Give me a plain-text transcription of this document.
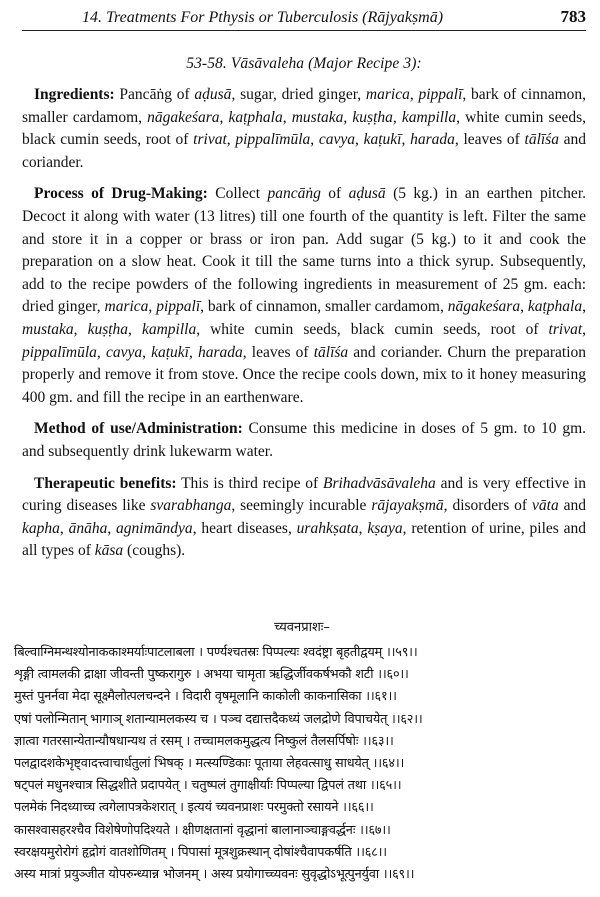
14. Treatments For Pthysis or Tuberculosis (Rājyakṣmā)	783
53-58. Vāsāvaleha (Major Recipe 3):

Ingredients: Pancāṅg of aḍusā, sugar, dried ginger, marica, pippalī, bark of cinnamon, smaller cardamom, nāgakeśara, kaṭphala, mustaka, kuṣṭha, kampilla, white cumin seeds, black cumin seeds, root of trivat, pippalīmūla, cavya, kaṭukī, harada, leaves of tālīśa and coriander.

Process of Drug-Making: Collect pancāṅg of aḍusā (5 kg.) in an earthen pitcher. Decoct it along with water (13 litres) till one fourth of the quantity is left. Filter the same and store it in a copper or brass or iron pan. Add sugar (5 kg.) to it and cook the preparation on a slow heat. Cook it till the same turns into a thick syrup. Subsequently, add to the recipe powders of the following ingredients in measurement of 25 gm. each: dried ginger, marica, pippalī, bark of cinnamon, smaller cardamom, nāgakeśara, kaṭphala, mustaka, kuṣṭha, kampilla, white cumin seeds, black cumin seeds, root of trivat, pippalīmūla, cavya, kaṭukī, harada, leaves of tālīśa and coriander. Churn the preparation properly and remove it from stove. Once the recipe cools down, mix to it honey measuring 400 gm. and fill the recipe in an earthenware.

Method of use/Administration: Consume this medicine in doses of 5 gm. to 10 gm. and subsequently drink lukewarm water.

Therapeutic benefits: This is third recipe of Brihadvāsāvaleha and is very effective in curing diseases like svarabhanga, seemingly incurable rājayakṣmā, disorders of vāta and kapha, ānāha, agnimāndya, heart diseases, urahkṣata, kṣaya, retention of urine, piles and all types of kāsa (coughs).

च्यवनप्राशः–
बिल्वाग्निमन्थश्योनाककाश्मर्याःपाटलाबला । पर्ण्यश्चतस्रः पिप्पल्यः श्वदंष्ट्रा बृहतीद्वयम् ।।५९।।
शृङ्गी त्वामलकी द्राक्षा जीवन्ती पुष्करागुरु । अभया चामृता ऋद्धिर्जीवकर्षभकौ शटी ।।६०।।
मुस्तं पुनर्नवा मेदा सूक्ष्मैलोत्पलचन्दने । विदारी वृषमूलानि काकोली काकनासिका ।।६१।।
एषां पलोन्मितान् भागाञ् शतान्यामलकस्य च । पञ्च दद्यात्तदैकध्यं जलद्रोणे विपाचयेत् ।।६२।।
ज्ञात्वा गतरसान्येतान्यौषधान्यथ तं रसम् । तच्चामलकमुद्धत्य निष्कुलं तैलसर्पिषोः ।।६३।।
पलद्वादशकेभृष्ट्वादत्त्वाचार्धतुलां भिषक् । मत्स्यण्डिकाः पूताया लेहवत्साधु साधयेत् ।।६४।।
षट्पलं मधुनश्चात्र सिद्धशीते प्रदापयेत् । चतुष्पलं तुगाक्षीर्याः पिप्पल्या द्विपलं तथा ।।६५।।
पलमेकं निदध्याच्च त्वगेलापत्रकेशरात् । इत्ययं च्यवनप्राशः परमुक्तो रसायने ।।६६।।
कासश्वासहरश्चैव विशेषेणोपदिश्यते । क्षीणक्षतानां वृद्धानां बालानाञ्चाङ्गवर्द्धनः ।।६७।।
स्वरक्षयमुरोरोगं हृद्रोगं वातशोणितम् । पिपासां मूत्रशुक्रस्थान् दोषांश्चैवापकर्षति ।।६८।।
अस्य मात्रां प्रयुञ्जीत योपरुन्ध्यान्न भोजनम् । अस्य प्रयोगाच्च्यवनः सुवृद्धोऽभूत्पुनर्युवा ।।६९।।
